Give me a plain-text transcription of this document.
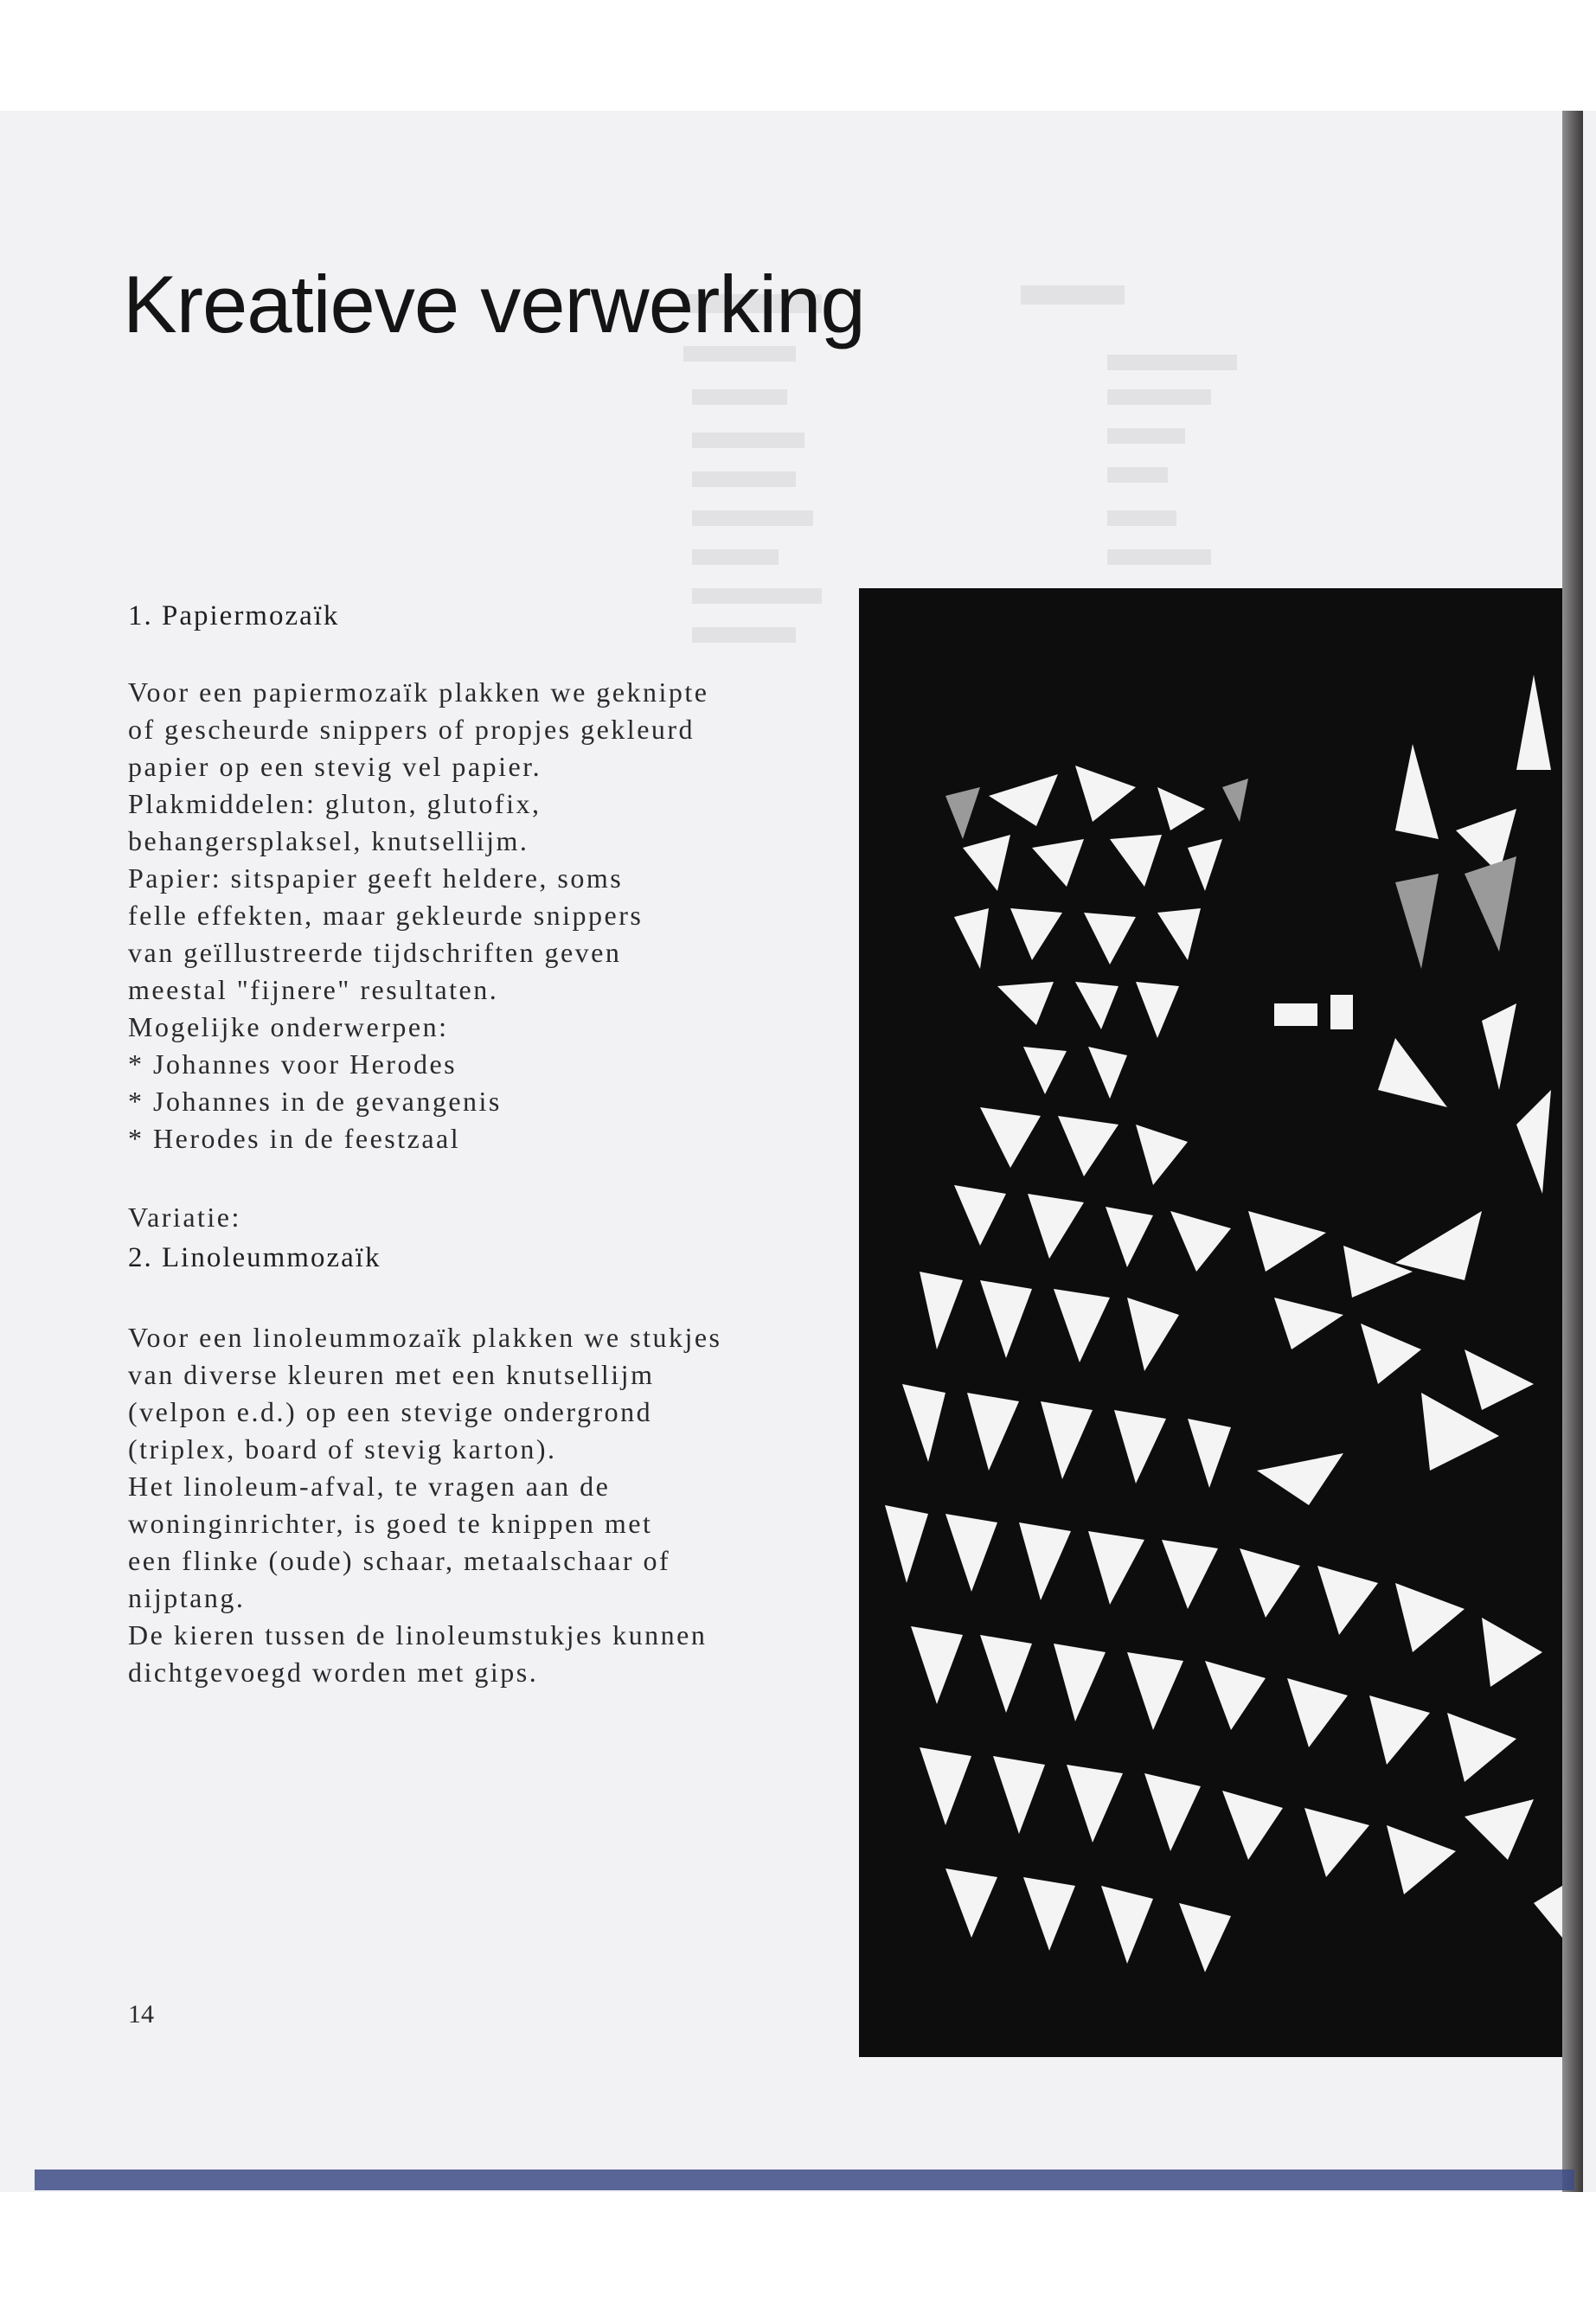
Kreatieve verwerking
1. Papiermozaïk
Voor een papiermozaïk plakken we geknipte
of gescheurde snippers of propjes gekleurd
papier op een stevig vel papier.
Plakmiddelen: gluton, glutofix,
behangersplaksel, knutsellijm.
Papier: sitspapier geeft heldere, soms
felle effekten, maar gekleurde snippers
van geïllustreerde tijdschriften geven
meestal "fijnere" resultaten.
Mogelijke onderwerpen:
* Johannes voor Herodes
* Johannes in de gevangenis
* Herodes in de feestzaal
Variatie:
2. Linoleummozaïk
Voor een linoleummozaïk plakken we stukjes
van diverse kleuren met een knutsellijm
(velpon e.d.) op een stevige ondergrond
(triplex, board of stevig karton).
Het linoleum-afval, te vragen aan de
woninginrichter, is goed te knippen met
een flinke (oude) schaar, metaalschaar of
nijptang.
De kieren tussen de linoleumstukjes kunnen
dichtgevoegd worden met gips.
14
